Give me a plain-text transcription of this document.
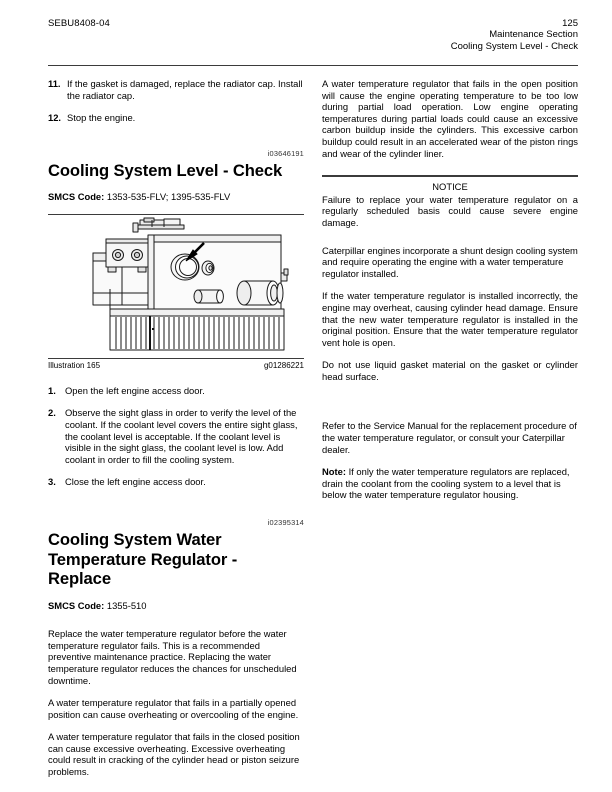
SEBU8408-04	125
Maintenance Section
Cooling System Level - Check
11. If the gasket is damaged, replace the radiator cap. Install the radiator cap.
12. Stop the engine.
i03646191
Cooling System Level - Check
SMCS Code: 1353-535-FLV; 1395-535-FLV
Illustration 165	g01286221
1. Open the left engine access door.
2. Observe the sight glass in order to verify the level of the coolant. If the coolant level covers the entire sight glass, the coolant level is acceptable. If the coolant level is visible in the sight glass, the coolant level is low. Add coolant in order to fill the cooling system.
3. Close the left engine access door.
i02395314
Cooling System Water Temperature Regulator - Replace
SMCS Code: 1355-510

Replace the water temperature regulator before the water temperature regulator fails. This is a recommended preventive maintenance practice. Replacing the water temperature regulator reduces the chances for unscheduled downtime.

A water temperature regulator that fails in a partially opened position can cause overheating or overcooling of the engine.

A water temperature regulator that fails in the closed position can cause excessive overheating. Excessive overheating could result in cracking of the cylinder head or piston seizure problems.

A water temperature regulator that fails in the open position will cause the engine operating temperature to be too low during partial load operation. Low engine operating temperatures during partial loads could cause an excessive carbon buildup inside the cylinders. This excessive carbon buildup could result in an accelerated wear of the piston rings and wear of the cylinder liner.

NOTICE

Failure to replace your water temperature regulator on a regularly scheduled basis could cause severe engine damage.

Caterpillar engines incorporate a shunt design cooling system and require operating the engine with a water temperature regulator installed.

If the water temperature regulator is installed incorrectly, the engine may overheat, causing cylinder head damage. Ensure that the new water temperature regulator is installed in the original position. Ensure that the water temperature regulator vent hole is open.

Do not use liquid gasket material on the gasket or cylinder head surface.

Refer to the Service Manual for the replacement procedure of the water temperature regulator, or consult your Caterpillar dealer.

Note: If only the water temperature regulators are replaced, drain the coolant from the cooling system to a level that is below the water temperature regulator housing.
